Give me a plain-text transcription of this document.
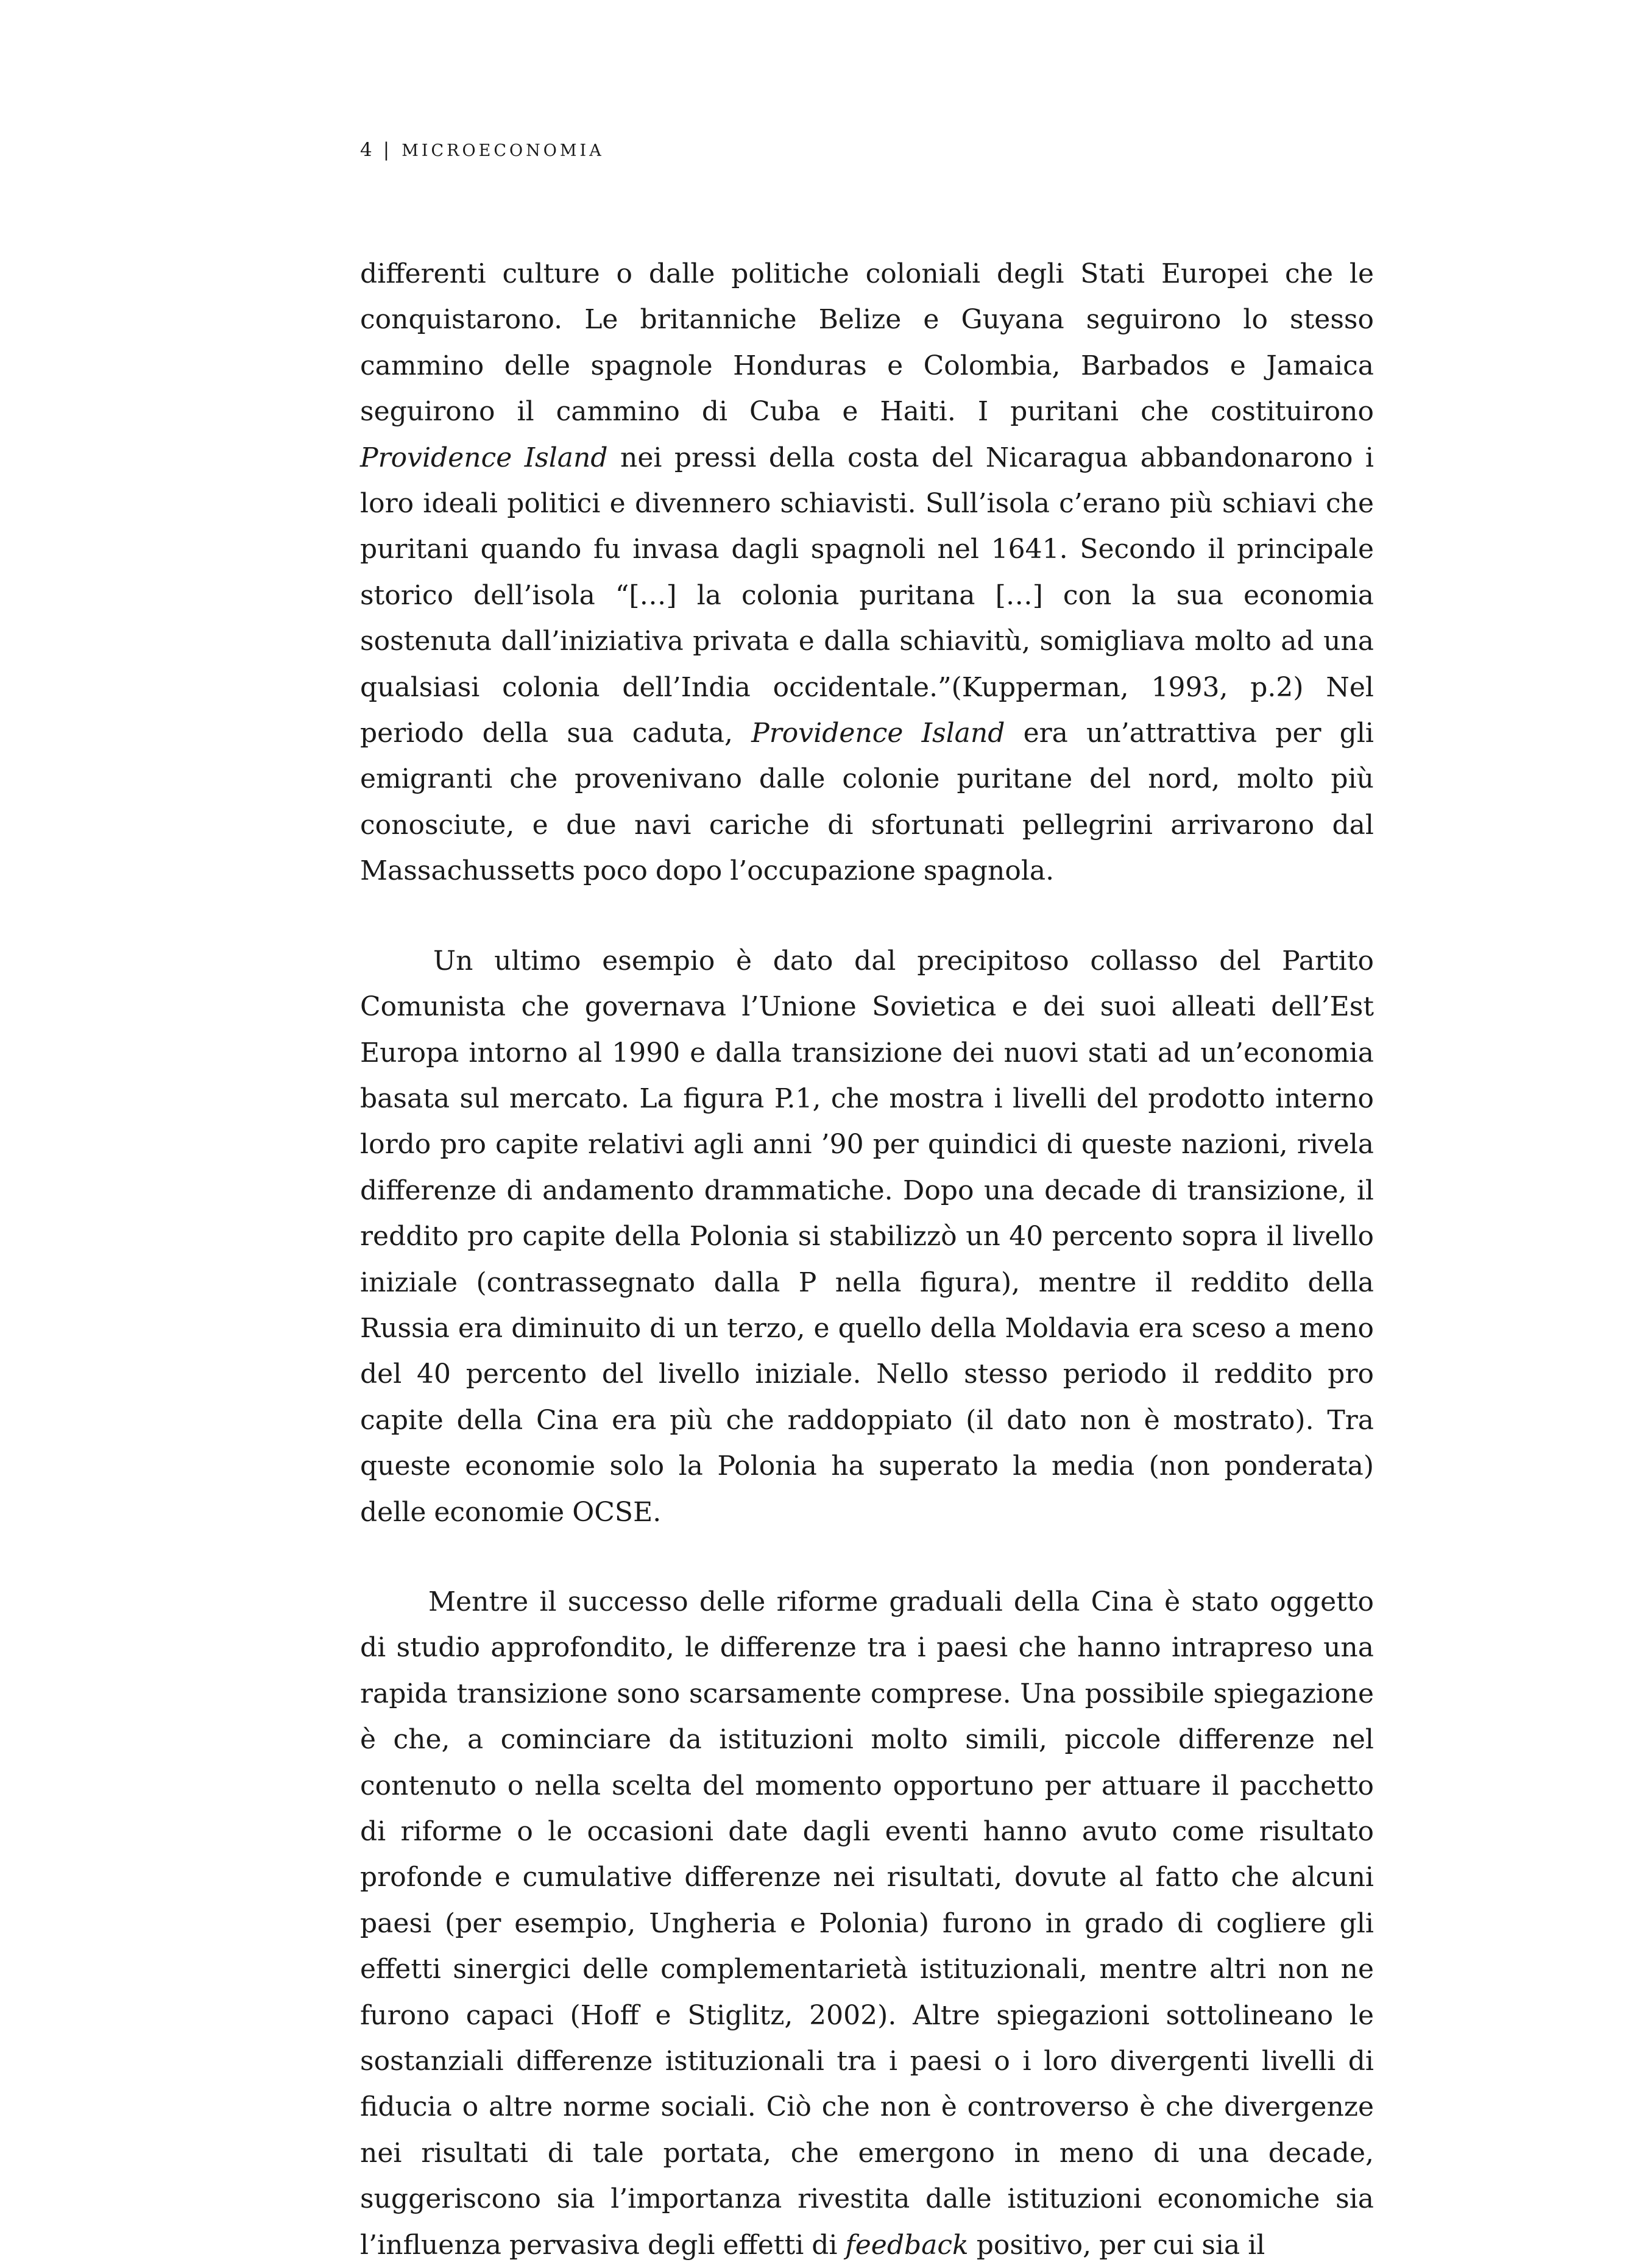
4 | MICROECONOMIA

differenti culture o dalle politiche coloniali degli Stati Europei che le conquistarono. Le britanniche Belize e Guyana seguirono lo stesso cammino delle spagnole Honduras e Colombia, Barbados e Jamaica seguirono il cammino di Cuba e Haiti. I puritani che costituirono Providence Island nei pressi della costa del Nicaragua abbandonarono i loro ideali politici e divennero schiavisti. Sull’isola c’erano più schiavi che puritani quando fu invasa dagli spagnoli nel 1641. Secondo il principale storico dell’isola “[…] la colonia puritana […] con la sua economia sostenuta dall’iniziativa privata e dalla schiavitù, somigliava molto ad una qualsiasi colonia dell’India occidentale.”(Kupperman, 1993, p.2) Nel periodo della sua caduta, Providence Island era un’attrattiva per gli emigranti che provenivano dalle colonie puritane del nord, molto più conosciute, e due navi cariche di sfortunati pellegrini arrivarono dal Massachussetts poco dopo l’occupazione spagnola.

Un ultimo esempio è dato dal precipitoso collasso del Partito Comunista che governava l’Unione Sovietica e dei suoi alleati dell’Est Europa intorno al 1990 e dalla transizione dei nuovi stati ad un’economia basata sul mercato. La figura P.1, che mostra i livelli del prodotto interno lordo pro capite relativi agli anni ’90 per quindici di queste nazioni, rivela differenze di andamento drammatiche. Dopo una decade di transizione, il reddito pro capite della Polonia si stabilizzò un 40 percento sopra il livello iniziale (contrassegnato dalla P nella figura), mentre il reddito della Russia era diminuito di un terzo, e quello della Moldavia era sceso a meno del 40 percento del livello iniziale. Nello stesso periodo il reddito pro capite della Cina era più che raddoppiato (il dato non è mostrato). Tra queste economie solo la Polonia ha superato la media (non ponderata) delle economie OCSE.

Mentre il successo delle riforme graduali della Cina è stato oggetto di studio approfondito, le differenze tra i paesi che hanno intrapreso una rapida transizione sono scarsamente comprese. Una possibile spiegazione è che, a cominciare da istituzioni molto simili, piccole differenze nel contenuto o nella scelta del momento opportuno per attuare il pacchetto di riforme o le occasioni date dagli eventi hanno avuto come risultato profonde e cumulative differenze nei risultati, dovute al fatto che alcuni paesi (per esempio, Ungheria e Polonia) furono in grado di cogliere gli effetti sinergici delle complementarietà istituzionali, mentre altri non ne furono capaci (Hoff e Stiglitz, 2002). Altre spiegazioni sottolineano le sostanziali differenze istituzionali tra i paesi o i loro divergenti livelli di fiducia o altre norme sociali. Ciò che non è controverso è che divergenze nei risultati di tale portata, che emergono in meno di una decade, suggeriscono sia l’importanza rivestita dalle istituzioni economiche sia l’influenza pervasiva degli effetti di feedback positivo, per cui sia il
